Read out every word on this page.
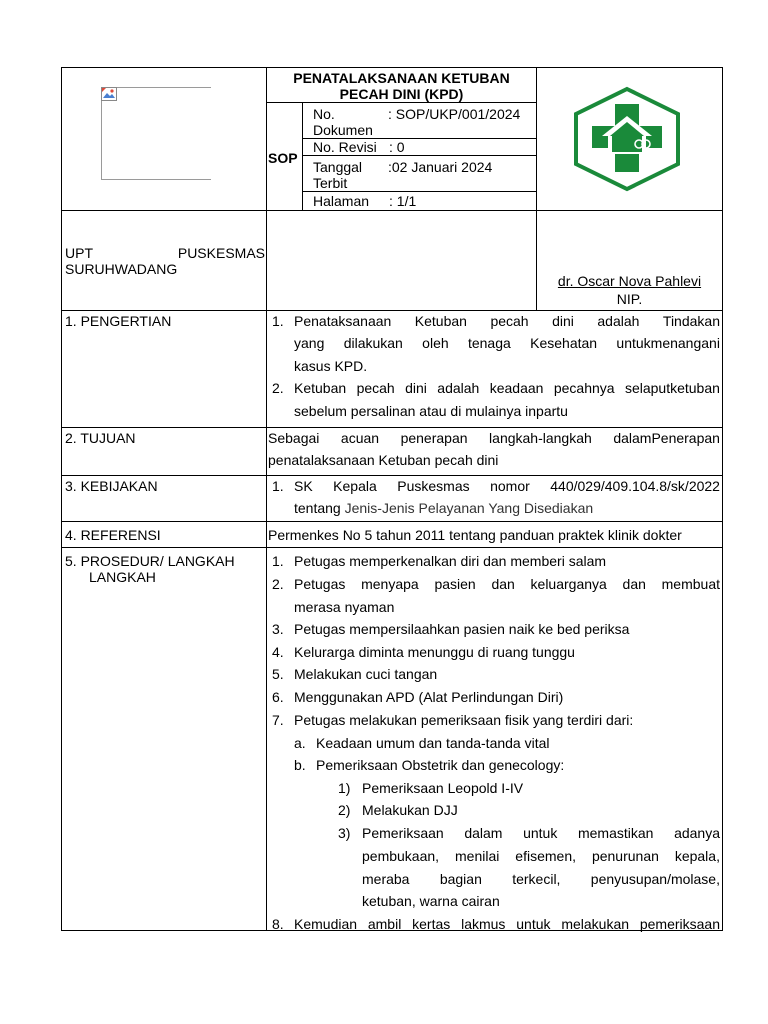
PENATALAKSANAAN KETUBAN
PECAH DINI (KPD)
SOP
No.
Dokumen
: SOP/UKP/001/2024
No. Revisi : 0
Tanggal
Terbit
:02 Januari 2024
Halaman : 1/1
UPT	PUSKESMAS
SURUHWADANG
dr. Oscar Nova Pahlevi
NIP.
1. PENGERTIAN	1. Penataksanaan Ketuban pecah dini adalah Tindakan
yang dilakukan oleh tenaga Kesehatan untukmenangani
kasus KPD.
2. Ketuban pecah dini adalah keadaan pecahnya selaputketuban
sebelum persalinan atau di mulainya inpartu
2. TUJUAN	Sebagai acuan penerapan langkah-langkah dalamPenerapan
penatalaksanaan Ketuban pecah dini
3. KEBIJAKAN	1. SK Kepala Puskesmas nomor 440/029/409.104.8/sk/2022
tentang Jenis-Jenis Pelayanan Yang Disediakan
4. REFERENSI	Permenkes No 5 tahun 2011 tentang panduan praktek klinik dokter
5. PROSEDUR/ LANGKAH
LANGKAH
1. Petugas memperkenalkan diri dan memberi salam
2. Petugas menyapa pasien dan keluarganya dan membuat
merasa nyaman
3. Petugas mempersilaahkan pasien naik ke bed periksa
4. Kelurarga diminta menunggu di ruang tunggu
5. Melakukan cuci tangan
6. Menggunakan APD (Alat Perlindungan Diri)
7. Petugas melakukan pemeriksaan fisik yang terdiri dari:
a. Keadaan umum dan tanda-tanda vital
b. Pemeriksaan Obstetrik dan genecology:
1) Pemeriksaan Leopold I-IV
2) Melakukan DJJ
3) Pemeriksaan dalam untuk memastikan adanya
pembukaan, menilai efisemen, penurunan kepala,
meraba bagian terkecil, penyusupan/molase,
ketuban, warna cairan
8. Kemudian ambil kertas lakmus untuk melakukan pemeriksaan
